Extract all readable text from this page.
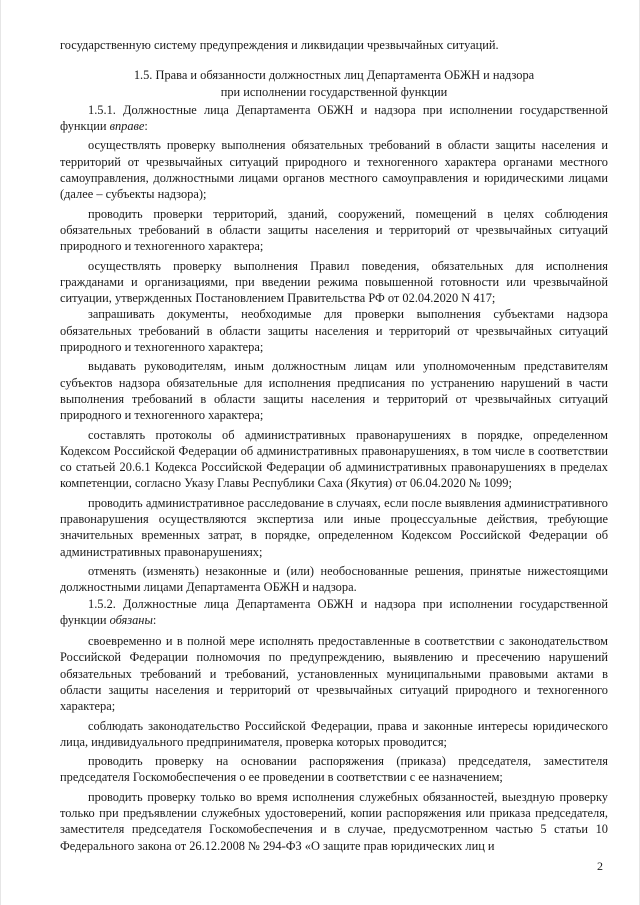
государственную систему предупреждения и ликвидации чрезвычайных ситуаций.

1.5. Права и обязанности должностных лиц Департамента ОБЖН и надзора
при исполнении государственной функции

1.5.1. Должностные лица Департамента ОБЖН и надзора при исполнении государственной функции вправе:

осуществлять проверку выполнения обязательных требований в области защиты населения и территорий от чрезвычайных ситуаций природного и техногенного характера органами местного самоуправления, должностными лицами органов местного самоуправления и юридическими лицами (далее – субъекты надзора);

проводить проверки территорий, зданий, сооружений, помещений в целях соблюдения обязательных требований в области защиты населения и территорий от чрезвычайных ситуаций природного и техногенного характера;

осуществлять проверку выполнения Правил поведения, обязательных для исполнения гражданами и организациями, при введении режима повышенной готовности или чрезвычайной ситуации, утвержденных Постановлением Правительства РФ от 02.04.2020 N 417;

запрашивать документы, необходимые для проверки выполнения субъектами надзора обязательных требований в области защиты населения и территорий от чрезвычайных ситуаций природного и техногенного характера;

выдавать руководителям, иным должностным лицам или уполномоченным представителям субъектов надзора обязательные для исполнения предписания по устранению нарушений в части выполнения требований в области защиты населения и территорий от чрезвычайных ситуаций природного и техногенного характера;

составлять протоколы об административных правонарушениях в порядке, определенном Кодексом Российской Федерации об административных правонарушениях, в том числе в соответствии со статьей 20.6.1 Кодекса Российской Федерации об административных правонарушениях в пределах компетенции, согласно Указу Главы Республики Саха (Якутия) от 06.04.2020 № 1099;

проводить административное расследование в случаях, если после выявления административного правонарушения осуществляются экспертиза или иные процессуальные действия, требующие значительных временных затрат, в порядке, определенном Кодексом Российской Федерации об административных правонарушениях;

отменять (изменять) незаконные и (или) необоснованные решения, принятые нижестоящими должностными лицами Департамента ОБЖН и надзора.

1.5.2. Должностные лица Департамента ОБЖН и надзора при исполнении государственной функции обязаны:

своевременно и в полной мере исполнять предоставленные в соответствии с законодательством Российской Федерации полномочия по предупреждению, выявлению и пресечению нарушений обязательных требований и требований, установленных муниципальными правовыми актами в области защиты населения и территорий от чрезвычайных ситуаций природного и техногенного характера;

соблюдать законодательство Российской Федерации, права и законные интересы юридического лица, индивидуального предпринимателя, проверка которых проводится;

проводить проверку на основании распоряжения (приказа) председателя, заместителя председателя Госкомобеспечения о ее проведении в соответствии с ее назначением;

проводить проверку только во время исполнения служебных обязанностей, выездную проверку только при предъявлении служебных удостоверений, копии распоряжения или приказа председателя, заместителя председателя Госкомобеспечения и в случае, предусмотренном частью 5 статьи 10 Федерального закона от 26.12.2008 № 294-ФЗ «О защите прав юридических лиц и

2
